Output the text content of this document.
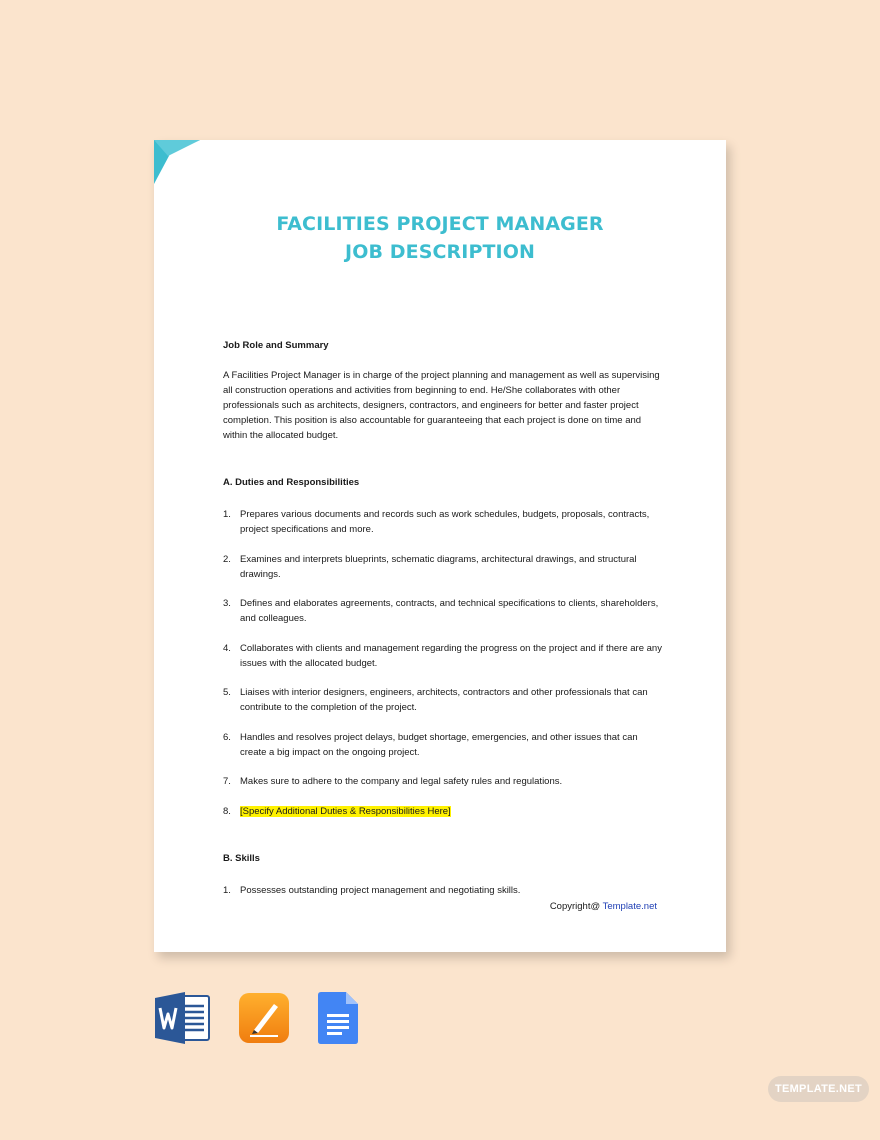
FACILITIES PROJECT MANAGER
JOB DESCRIPTION
Job Role and Summary
A Facilities Project Manager is in charge of the project planning and management as well as supervising all construction operations and activities from beginning to end. He/She collaborates with other professionals such as architects, designers, contractors, and engineers for better and faster project completion. This position is also accountable for guaranteeing that each project is done on time and within the allocated budget.
A. Duties and Responsibilities
1. Prepares various documents and records such as work schedules, budgets, proposals, contracts, project specifications and more.
2. Examines and interprets blueprints, schematic diagrams, architectural drawings, and structural drawings.
3. Defines and elaborates agreements, contracts, and technical specifications to clients, shareholders, and colleagues.
4. Collaborates with clients and management regarding the progress on the project and if there are any issues with the allocated budget.
5. Liaises with interior designers, engineers, architects, contractors and other professionals that can contribute to the completion of the project.
6. Handles and resolves project delays, budget shortage, emergencies, and other issues that can create a big impact on the ongoing project.
7. Makes sure to adhere to the company and legal safety rules and regulations.
8. [Specify Additional Duties & Responsibilities Here]
B. Skills
1. Possesses outstanding project management and negotiating skills.
Copyright@ Template.net
TEMPLATE.NET
